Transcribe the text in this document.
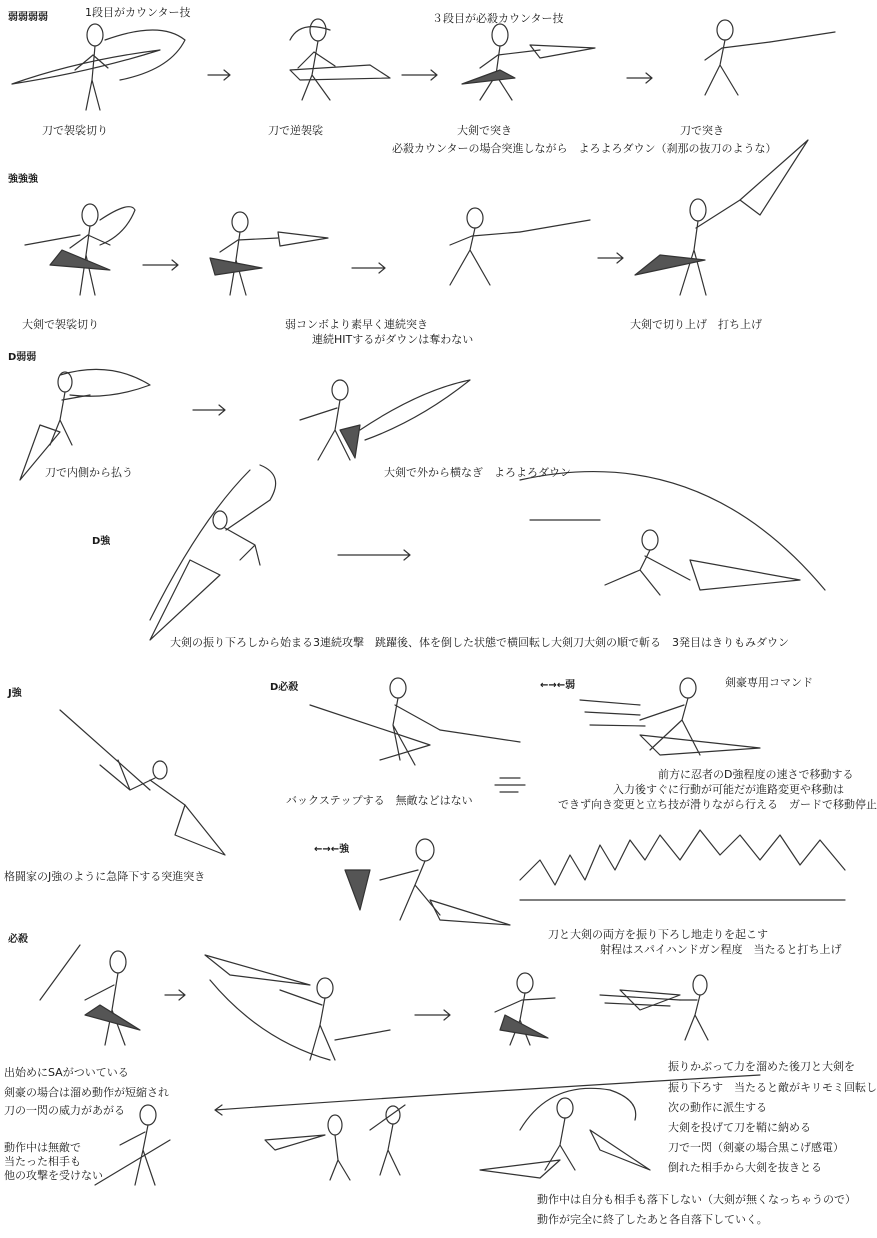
弱弱弱弱	1段目がカウンター技	３段目が必殺カウンター技
刀で袈裟切り	刀で逆袈裟	大剣で突き	刀で突き
必殺カウンターの場合突進しながら　よろよろダウン（刹那の抜刀のような）
強強強
大剣で袈裟切り	弱コンボより素早く連続突き
連続HITするがダウンは奪わない
大剣で切り上げ　打ち上げ
D弱弱
刀で内側から払う	大剣で外から横なぎ　よろよろダウン
D強
大剣の振り下ろしから始まる3連続攻撃　跳躍後、体を倒した状態で横回転し大剣刀大剣の順で斬る　3発目はきりもみダウン
J強
格闘家のJ強のように急降下する突進突き
D必殺
バックステップする　無敵などはない
←→←弱	剣豪専用コマンド
前方に忍者のD強程度の速さで移動する
入力後すぐに行動が可能だが進路変更や移動は
できず向き変更と立ち技が滑りながら行える　ガードで移動停止
←→←強
刀と大剣の両方を振り下ろし地走りを起こす
射程はスパイハンドガン程度　当たると打ち上げ
必殺
出始めにSAがついている
剣豪の場合は溜め動作が短縮され
刀の一閃の威力があがる
動作中は無敵で
当たった相手も
他の攻撃を受けない
振りかぶって力を溜めた後刀と大剣を
振り下ろす　当たると敵がキリモミ回転し
次の動作に派生する
大剣を投げて刀を鞘に納める
刀で一閃（剣豪の場合黒こげ感電）
倒れた相手から大剣を抜きとる
動作中は自分も相手も落下しない（大剣が無くなっちゃうので）
動作が完全に終了したあと各自落下していく。
